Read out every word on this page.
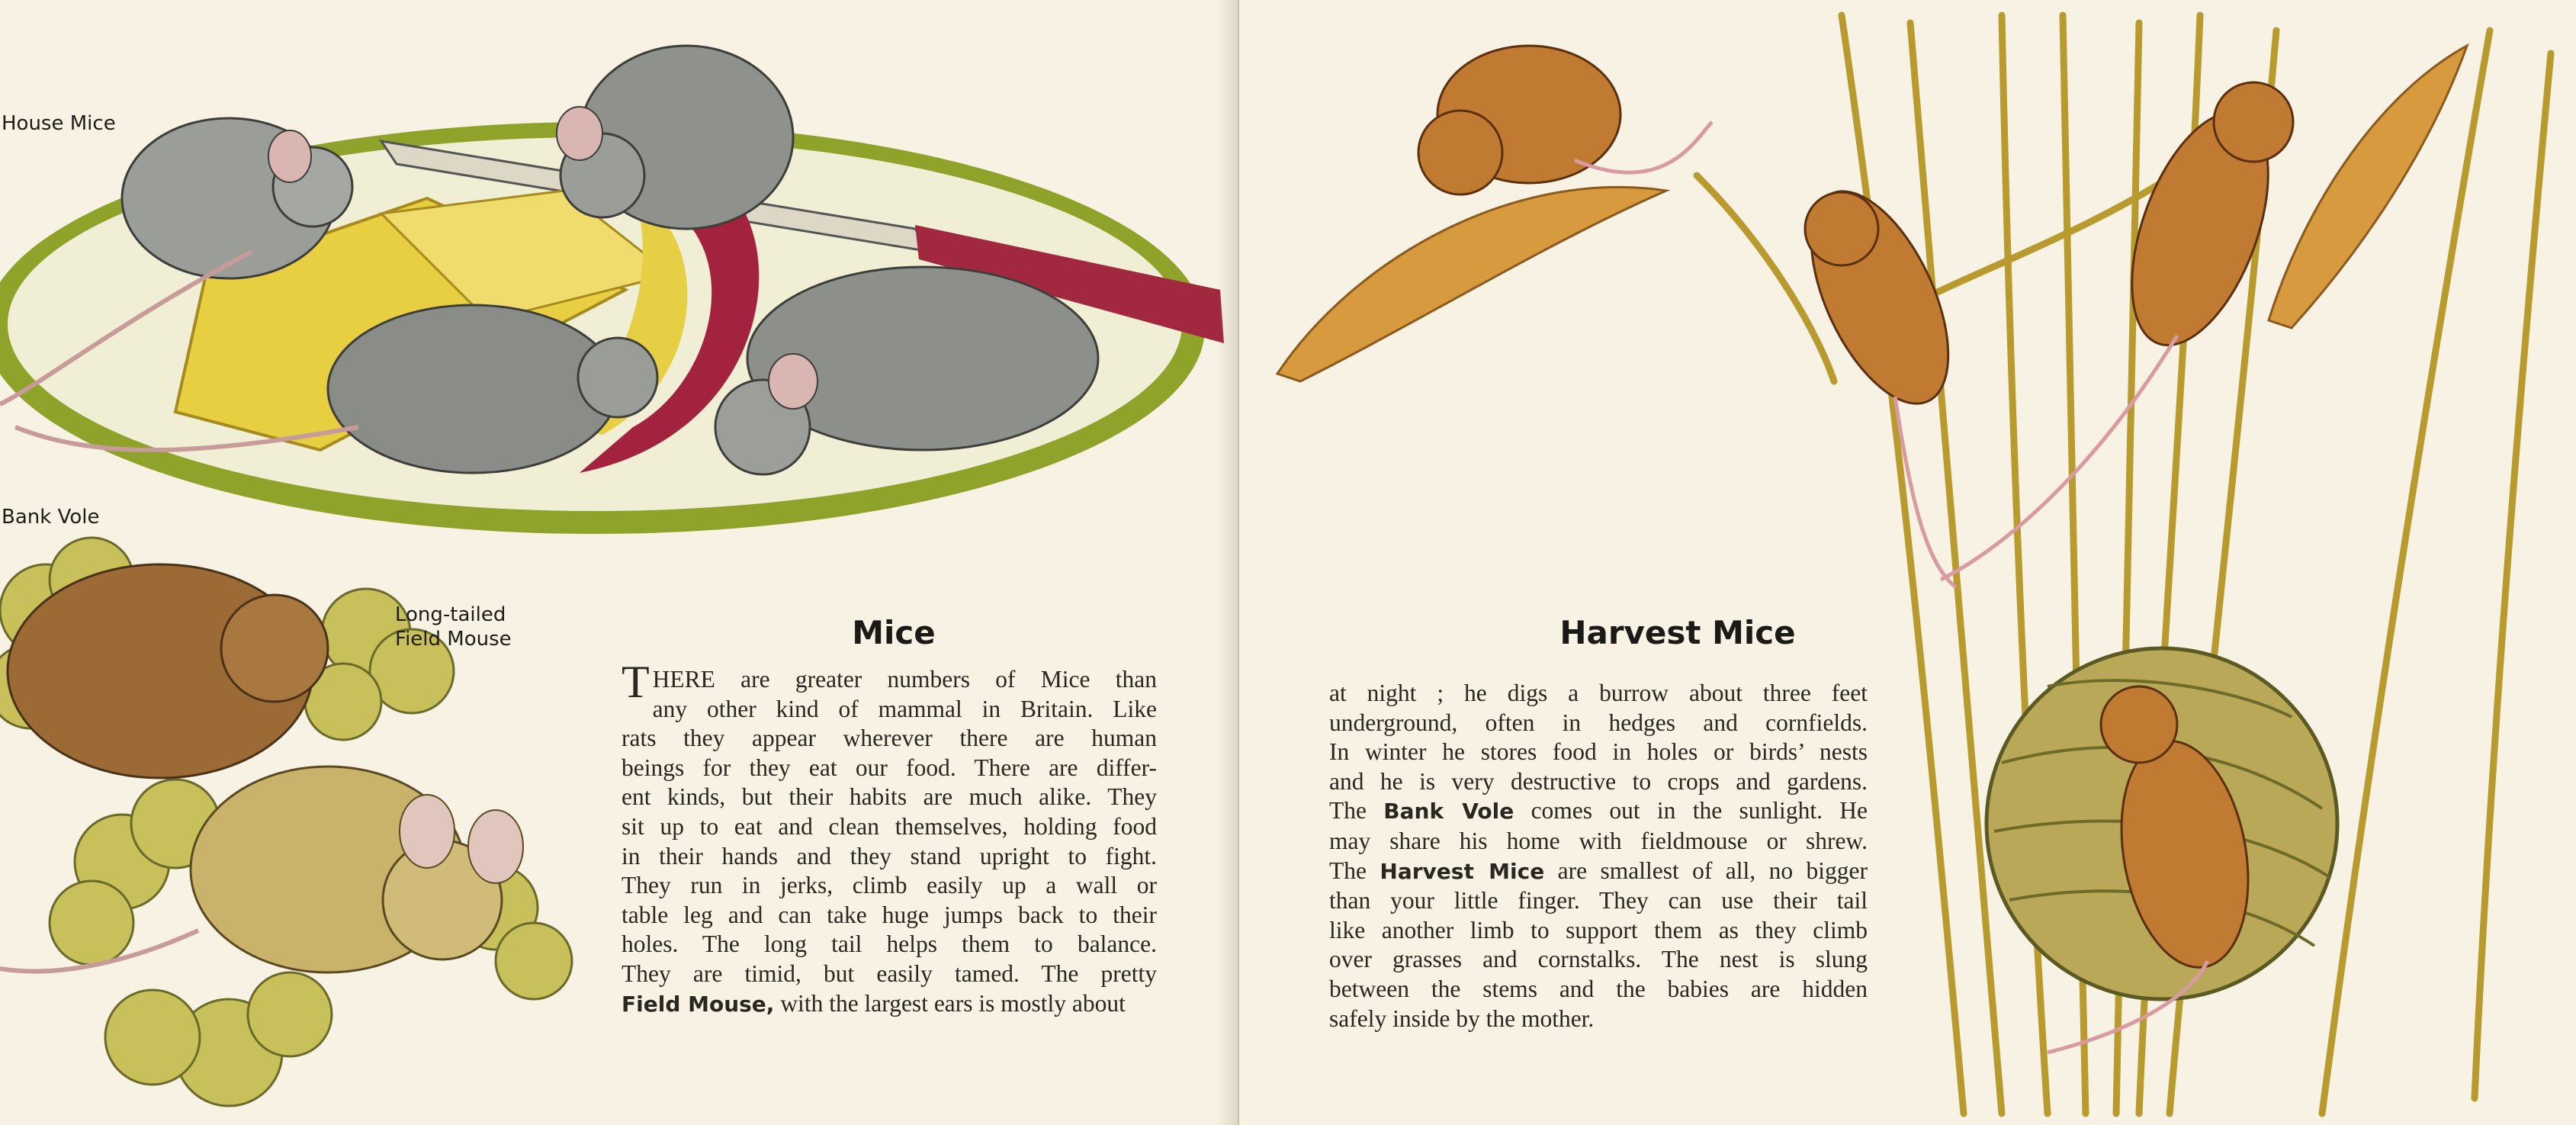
House Mice
Bank Vole
Long-tailed
Field Mouse	Mice
THERE are greater numbers of Mice than
any other kind of mammal in Britain. Like
rats they appear wherever there are human
beings for they eat our food. There are differ-
ent kinds, but their habits are much alike. They
sit up to eat and clean themselves, holding food
in their hands and they stand upright to fight.
They run in jerks, climb easily up a wall or
table leg and can take huge jumps back to their
holes. The long tail helps them to balance.
They are timid, but easily tamed. The pretty
Field Mouse, with the largest ears is mostly about
Harvest Mice
at night ; he digs a burrow about three feet
underground, often in hedges and cornfields.
In winter he stores food in holes or birds’ nests
and he is very destructive to crops and gardens.
The Bank Vole comes out in the sunlight. He
may share his home with fieldmouse or shrew.
The Harvest Mice are smallest of all, no bigger
than your little finger. They can use their tail
like another limb to support them as they climb
over grasses and cornstalks. The nest is slung
between the stems and the babies are hidden
safely inside by the mother.
